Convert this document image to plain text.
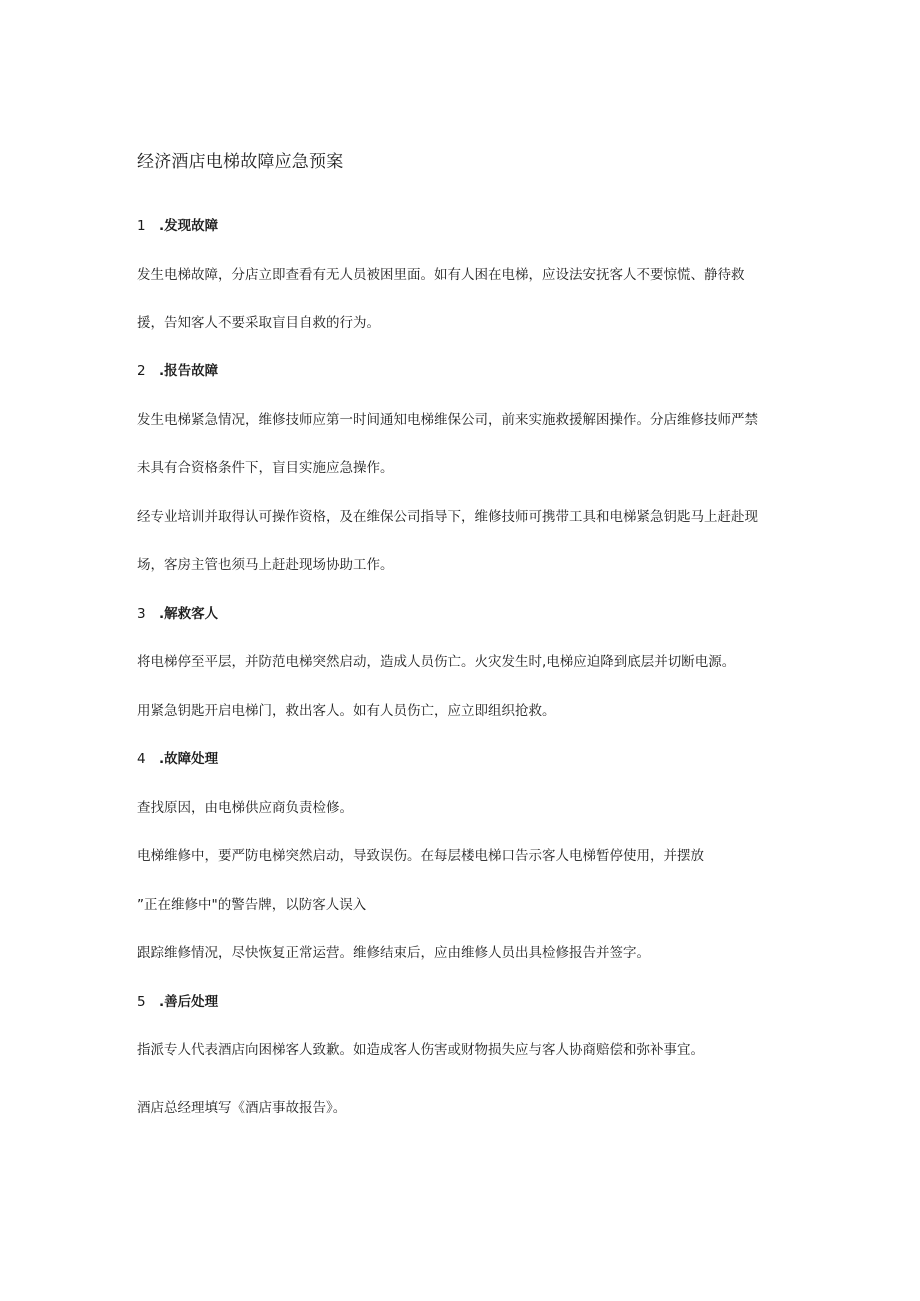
经济酒店电梯故障应急预案
1 .发现故障
发生电梯故障，分店立即查看有无人员被困里面。如有人困在电梯，应设法安抚客人不要惊慌、静待救
援，告知客人不要采取盲目自救的行为。
2 .报告故障
发生电梯紧急情况，维修技师应第一时间通知电梯维保公司，前来实施救援解困操作。分店维修技师严禁
未具有合资格条件下，盲目实施应急操作。
经专业培训并取得认可操作资格，及在维保公司指导下，维修技师可携带工具和电梯紧急钥匙马上赶赴现
场，客房主管也须马上赶赴现场协助工作。
3 .解救客人
将电梯停至平层，并防范电梯突然启动，造成人员伤亡。火灾发生时,电梯应迫降到底层并切断电源。
用紧急钥匙开启电梯门，救出客人。如有人员伤亡，应立即组织抢救。
4 .故障处理
查找原因，由电梯供应商负责检修。
电梯维修中，要严防电梯突然启动，导致误伤。在每层楼电梯口告示客人电梯暂停使用，并摆放
”正在维修中"的警告牌，以防客人误入
跟踪维修情况，尽快恢复正常运营。维修结束后，应由维修人员出具检修报告并签字。
5 .善后处理
指派专人代表酒店向困梯客人致歉。如造成客人伤害或财物损失应与客人协商赔偿和弥补事宜。
酒店总经理填写《酒店事故报告》。
